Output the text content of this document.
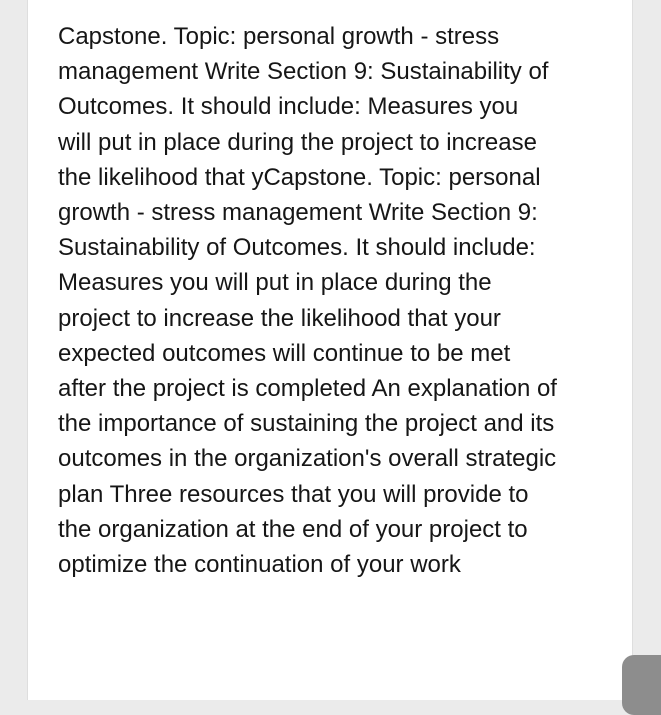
Capstone. Topic: personal growth - stress management Write Section 9: Sustainability of Outcomes. It should include: Measures you will put in place during the project to increase the likelihood that yCapstone. Topic: personal growth - stress management Write Section 9: Sustainability of Outcomes. It should include: Measures you will put in place during the project to increase the likelihood that your expected outcomes will continue to be met after the project is completed An explanation of the importance of sustaining the project and its outcomes in the organization's overall strategic plan Three resources that you will provide to the organization at the end of your project to optimize the continuation of your work
